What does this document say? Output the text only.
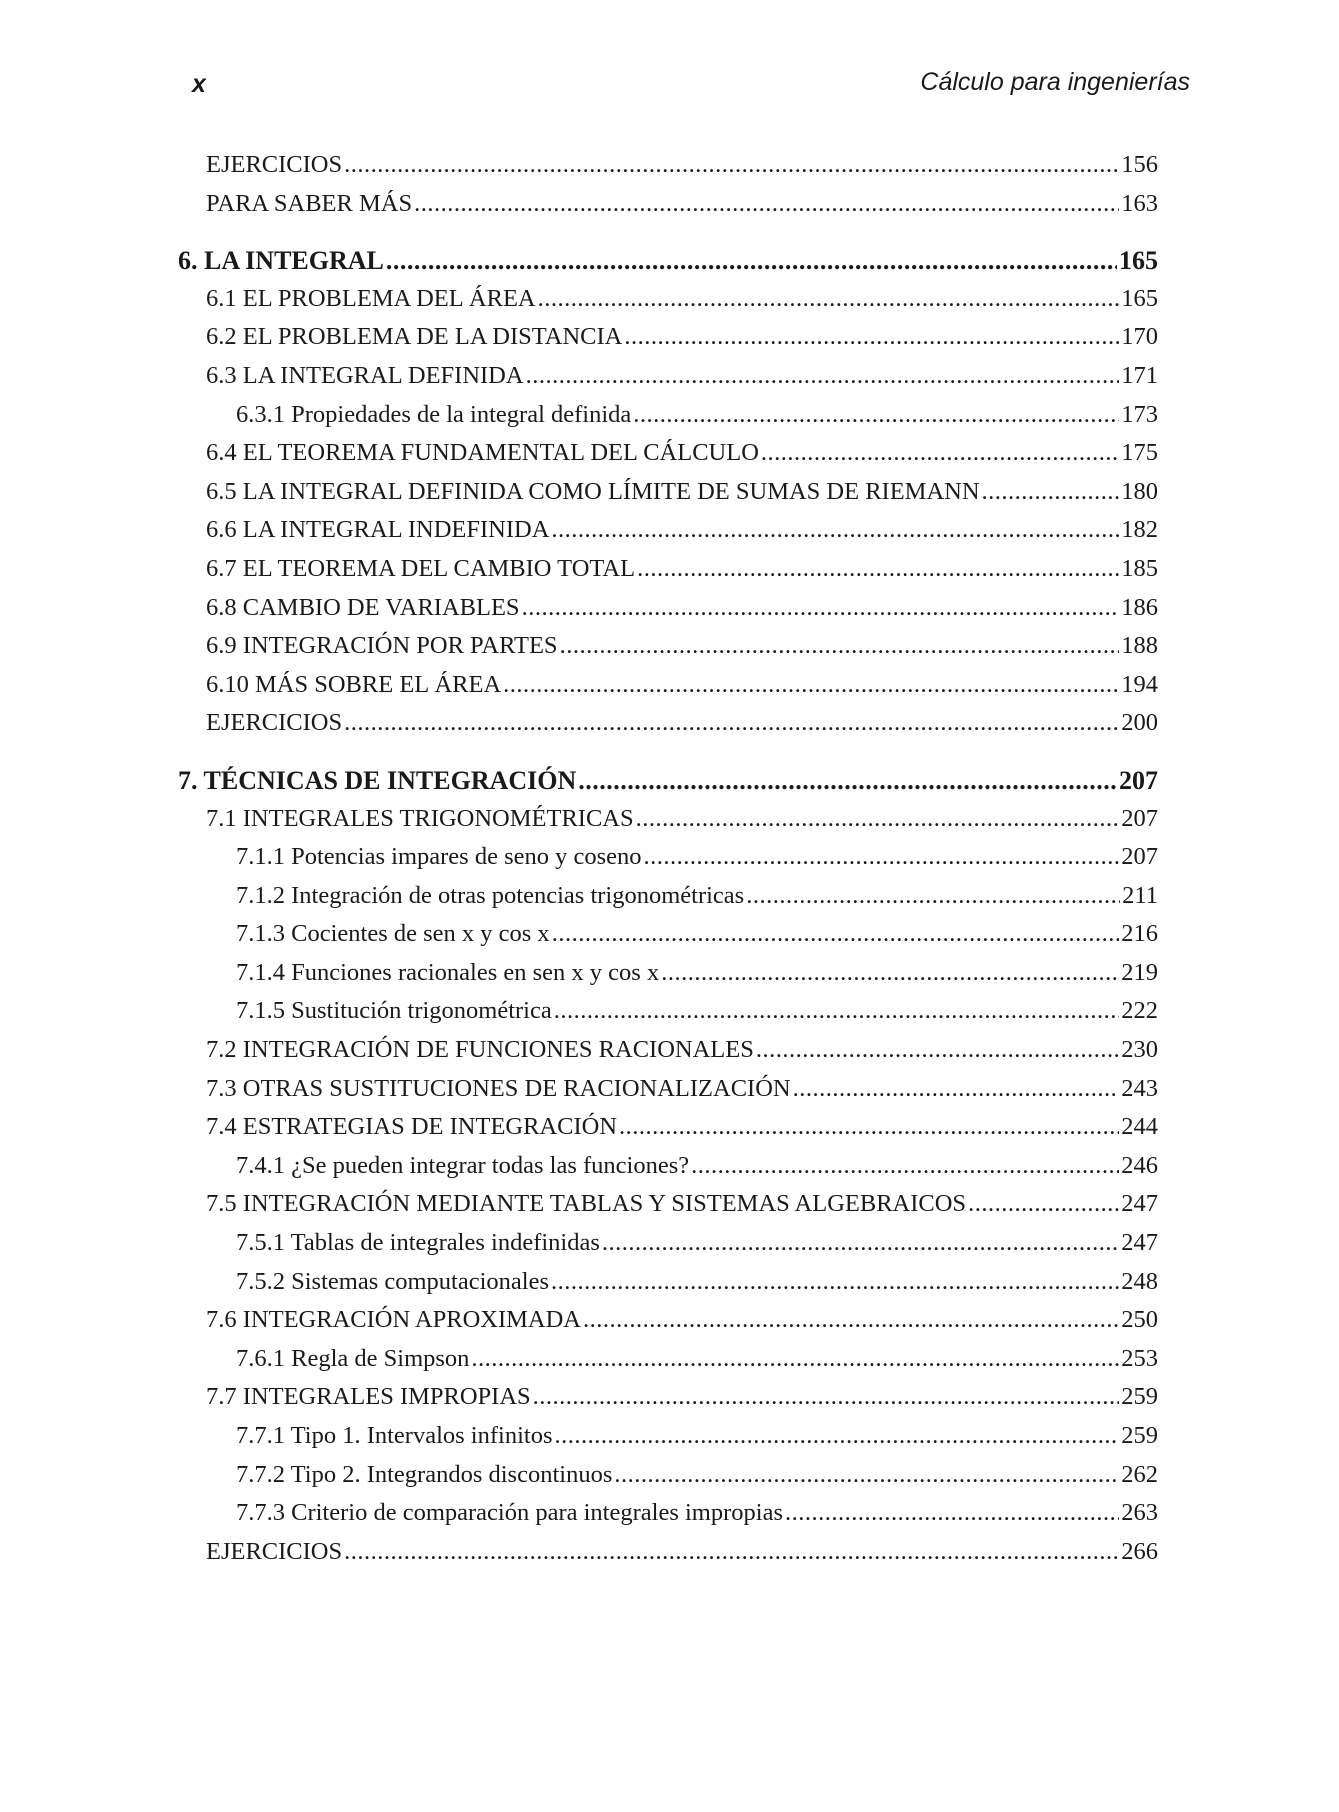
x	Cálculo para ingenierías
EJERCICIOS .....	156
PARA SABER MÁS .....	163
6. LA INTEGRAL .....	165
6.1 EL PROBLEMA DEL ÁREA .....	165
6.2 EL PROBLEMA DE LA DISTANCIA .....	170
6.3 LA INTEGRAL DEFINIDA .....	171
6.3.1 Propiedades de la integral definida .....	173
6.4 EL TEOREMA FUNDAMENTAL DEL CÁLCULO .....	175
6.5 LA INTEGRAL DEFINIDA COMO LÍMITE DE SUMAS DE RIEMANN .....	180
6.6 LA INTEGRAL INDEFINIDA .....	182
6.7 EL TEOREMA DEL CAMBIO TOTAL .....	185
6.8 CAMBIO DE VARIABLES .....	186
6.9 INTEGRACIÓN POR PARTES .....	188
6.10 MÁS SOBRE EL ÁREA .....	194
EJERCICIOS .....	200
7. TÉCNICAS DE INTEGRACIÓN .....	207
7.1 INTEGRALES TRIGONOMÉTRICAS .....	207
7.1.1 Potencias impares de seno y coseno .....	207
7.1.2 Integración de otras potencias trigonométricas .....	211
7.1.3 Cocientes de sen x y cos x .....	216
7.1.4 Funciones racionales en sen x y cos x .....	219
7.1.5 Sustitución trigonométrica .....	222
7.2 INTEGRACIÓN DE FUNCIONES RACIONALES .....	230
7.3 OTRAS SUSTITUCIONES DE RACIONALIZACIÓN .....	243
7.4 ESTRATEGIAS DE INTEGRACIÓN .....	244
7.4.1 ¿Se pueden integrar todas las funciones? .....	246
7.5 INTEGRACIÓN MEDIANTE TABLAS Y SISTEMAS ALGEBRAICOS .....	247
7.5.1 Tablas de integrales indefinidas .....	247
7.5.2 Sistemas computacionales .....	248
7.6 INTEGRACIÓN APROXIMADA .....	250
7.6.1 Regla de Simpson .....	253
7.7 INTEGRALES IMPROPIAS .....	259
7.7.1 Tipo 1. Intervalos infinitos .....	259
7.7.2 Tipo 2. Integrandos discontinuos .....	262
7.7.3 Criterio de comparación para integrales impropias .....	263
EJERCICIOS .....	266
